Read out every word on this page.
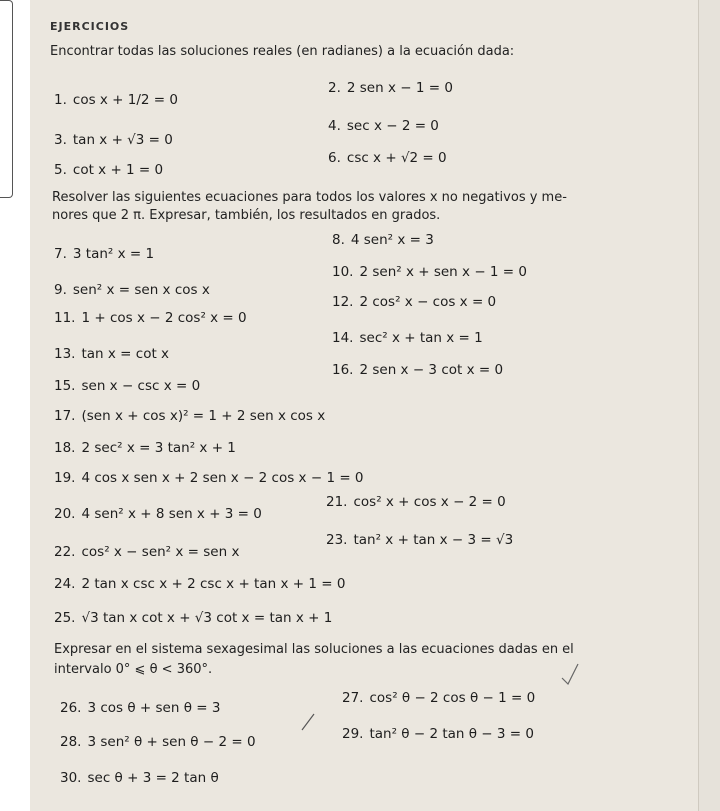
EJERCICIOS
Encontrar todas las soluciones reales (en radianes) a la ecuación dada:
1. cos x + 1/2 = 0
2. 2 sen x − 1 = 0
3. tan x + √3 = 0
4. sec x − 2 = 0
5. cot x + 1 = 0
6. csc x + √2 = 0
Resolver las siguientes ecuaciones para todos los valores x no negativos y me-
nores que 2 π. Expresar, también, los resultados en grados.
7. 3 tan² x = 1
8. 4 sen² x = 3
9. sen² x = sen x cos x
10. 2 sen² x + sen x − 1 = 0
11. 1 + cos x − 2 cos² x = 0
12. 2 cos² x − cos x = 0
13. tan x = cot x
14. sec² x + tan x = 1
15. sen x − csc x = 0
16. 2 sen x − 3 cot x = 0
17. (sen x + cos x)² = 1 + 2 sen x cos x
18. 2 sec² x = 3 tan² x + 1
19. 4 cos x sen x + 2 sen x − 2 cos x − 1 = 0
20. 4 sen² x + 8 sen x + 3 = 0
21. cos² x + cos x − 2 = 0
22. cos² x − sen² x = sen x
23. tan² x + tan x − 3 = √3
24. 2 tan x csc x + 2 csc x + tan x + 1 = 0
25. √3 tan x cot x + √3 cot x = tan x + 1
Expresar en el sistema sexagesimal las soluciones a las ecuaciones dadas en el
intervalo 0° ⩽ θ < 360°.
26. 3 cos θ + sen θ = 3
27. cos² θ − 2 cos θ − 1 = 0
28. 3 sen² θ + sen θ − 2 = 0	29. tan² θ − 2 tan θ − 3 = 0
30. sec θ + 3 = 2 tan θ
